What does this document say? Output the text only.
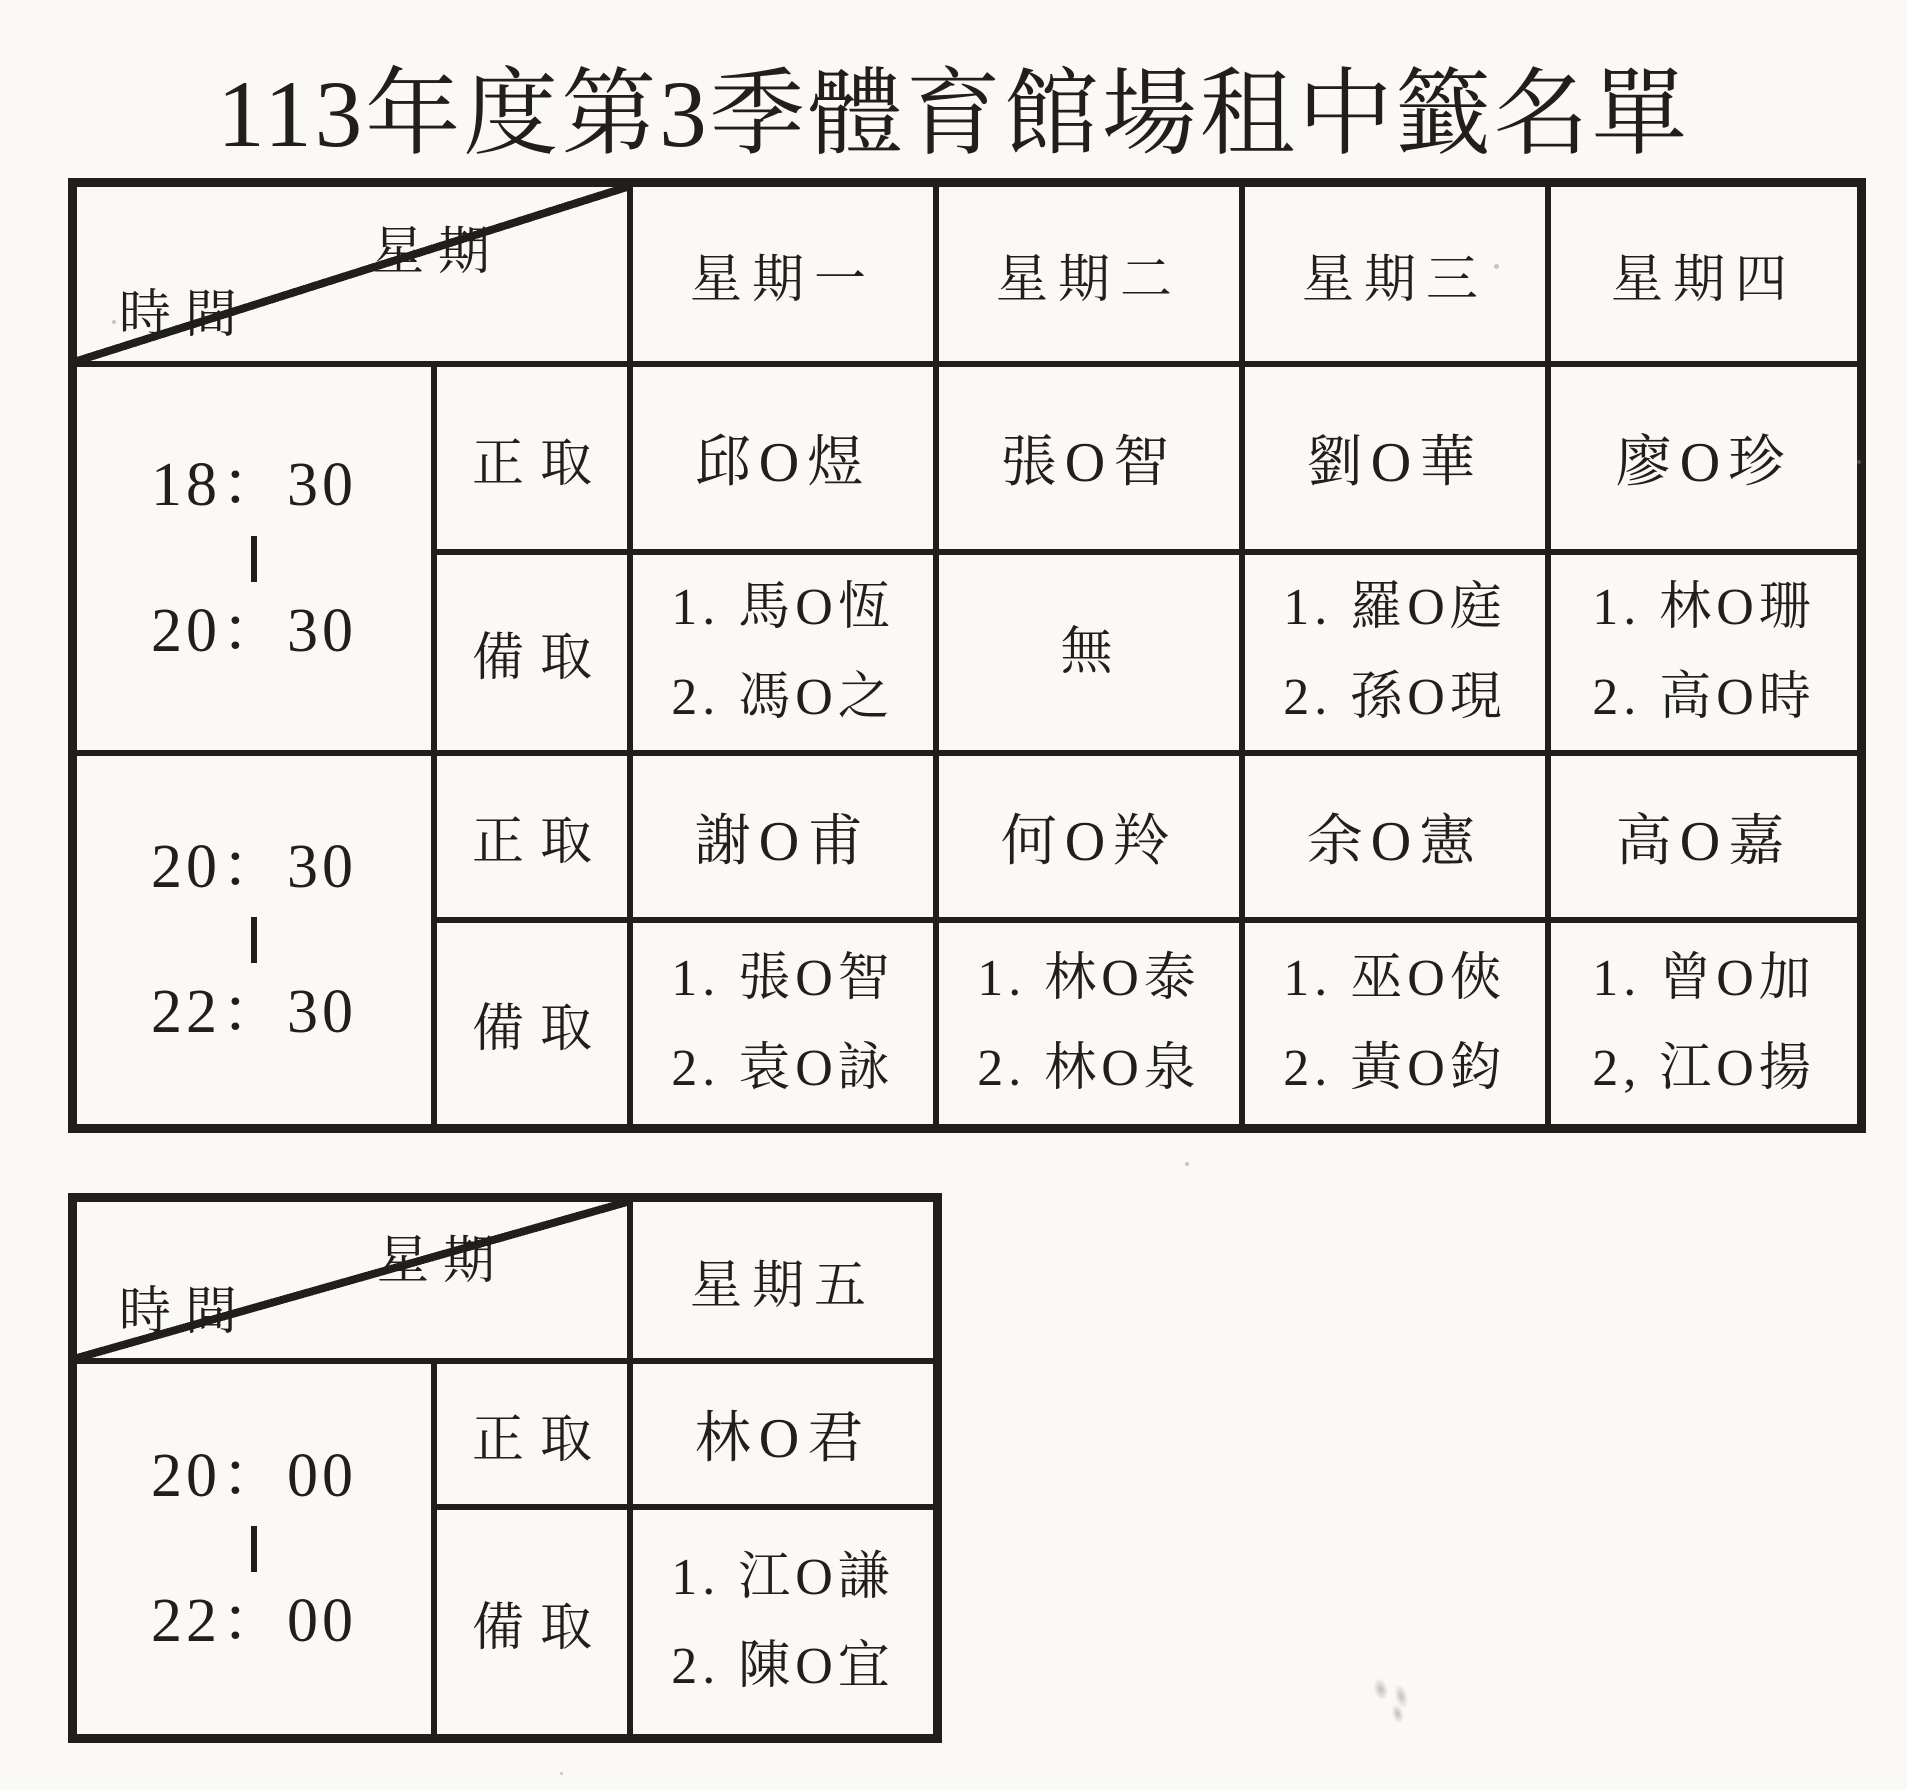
113年度第3季體育館場租中籤名單
星期
時間
星期一 星期二 星期三 星期四
18：30
20：30
正取 邱O煜 張O智 劉O華 廖O珍
備取
1. 馬O恆
2. 馮O之
無
1. 羅O庭
2. 孫O現
1. 林O珊
2. 高O時
20：30
22：30
正取 謝O甫 何O羚 余O憲 高O嘉
備取
1. 張O智
2. 袁O詠
1. 林O泰
2. 林O泉
1. 巫O俠
2. 黃O鈞
1. 曾O加
2, 江O揚
星期
時間	星期五
20：00
22：00
正取 林O君
備取
1. 江O謙
2. 陳O宜
